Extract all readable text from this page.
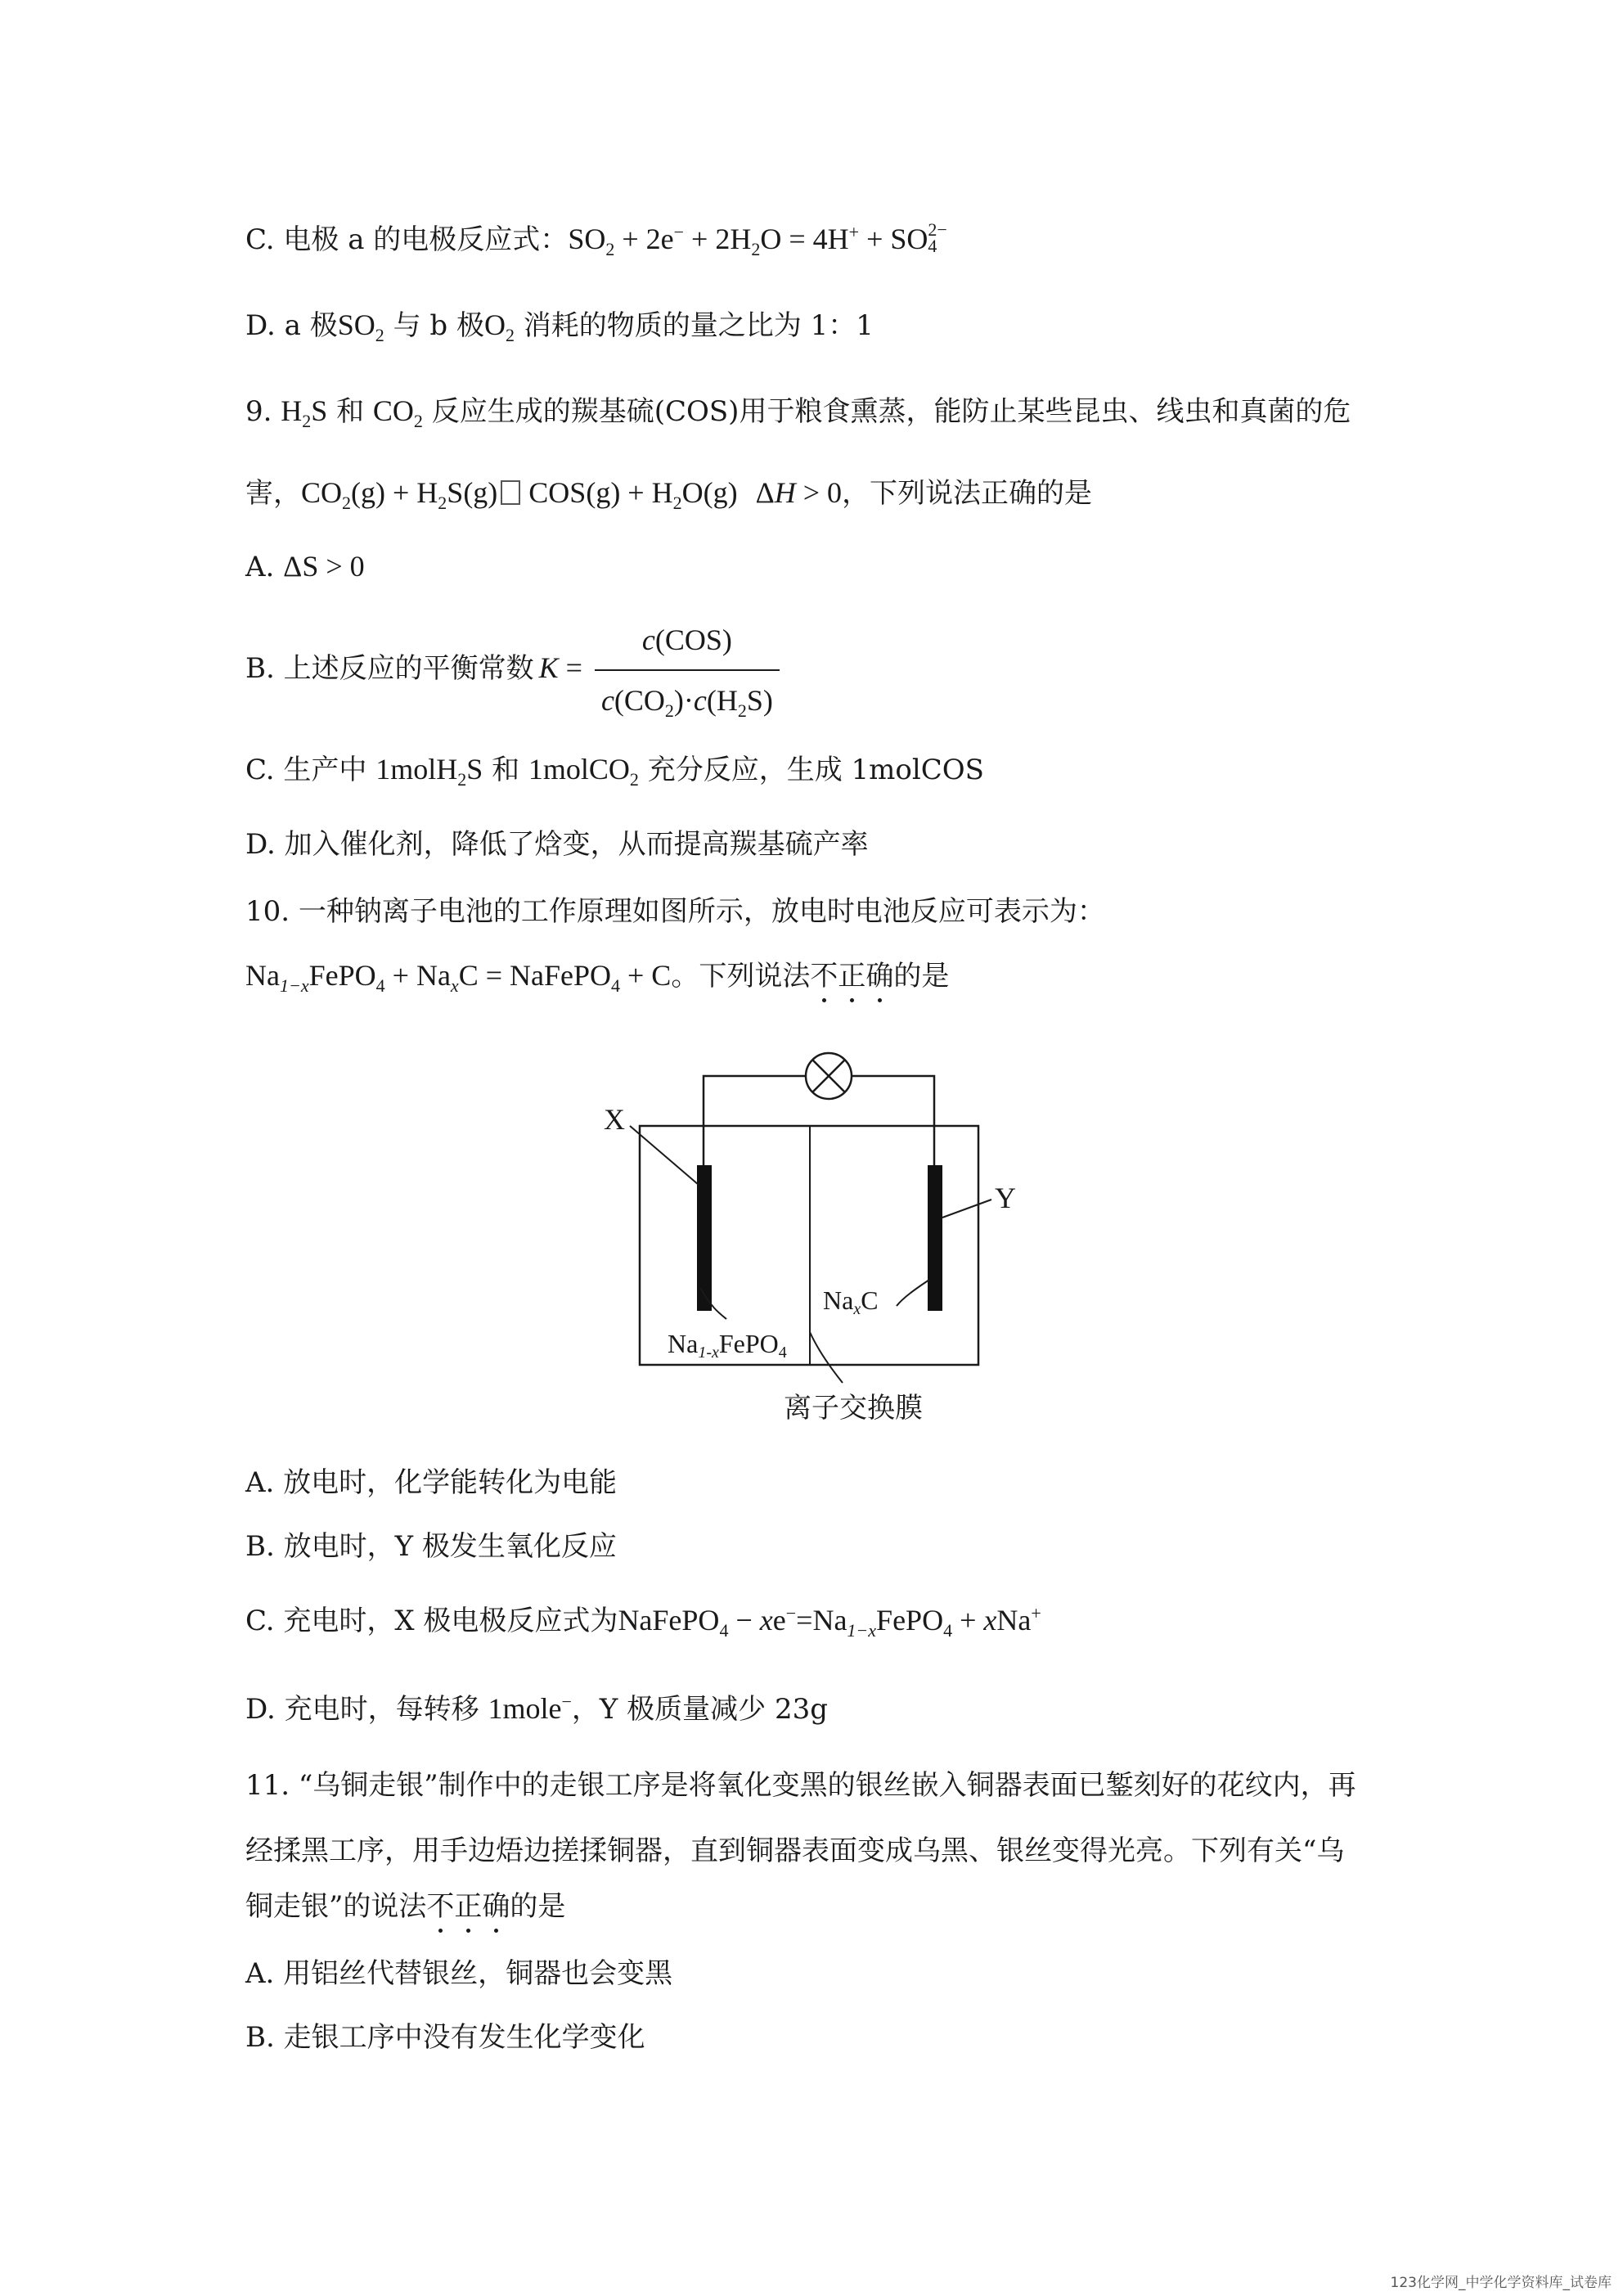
C. 电极 a 的电极反应式：$SO_2 + 2e^- + 2H_2O = 4H^+$ + SO 2−
4
D. a 极$SO_2$ 与 b 极$O_2$ 消耗的物质的量之比为 1：1
9. $H_2S$ 和 $CO_2$ 反应生成的羰基硫(COS)用于粮食熏蒸，能防止某些昆虫、线虫和真菌的危
害，$CO_2(g) + H_2S(g) COS(g) + H_2O(g) \Delta H > 0$，下列说法正确的是
A. ΔS > 0
B. 上述反应的平衡常数 $K = \frac{\text{c(COS)}}{c(CO_2)\cdot c(H_2S)}$
C. 生产中 1molH$_2$S 和 1molCO$_2$ 充分反应，生成 1molCOS
D. 加入催化剂，降低了焓变，从而提高羰基硫产率
10. 一种钠离子电池的工作原理如图所示，放电时电池反应可表示为：
$Na_{1-x}FePO_4 + Na_xC$ = NaFePO$_4$ + C。下列说法不正确的是
X
Y
Na1-xFePO4
NaxC
离子交换膜
A. 放电时，化学能转化为电能
B. 放电时，Y 极发生氧化反应
C. 充电时，X 极电极反应式为NaFePO$_4$ − $xe^-=Na_{1-x}FePO_4 + xNa^+$
D. 充电时，每转移 1mole−，Y 极质量减少 23g
11. “乌铜走银”制作中的走银工序是将氧化变黑的银丝嵌入铜器表面已錾刻好的花纹内，再
经揉黑工序，用手边焐边搓揉铜器，直到铜器表面变成乌黑、银丝变得光亮。下列有关“乌
铜走银”的说法不正确的是
A. 用铝丝代替银丝，铜器也会变黑
B. 走银工序中没有发生化学变化
123化学网_中学化学资料库_试卷库
